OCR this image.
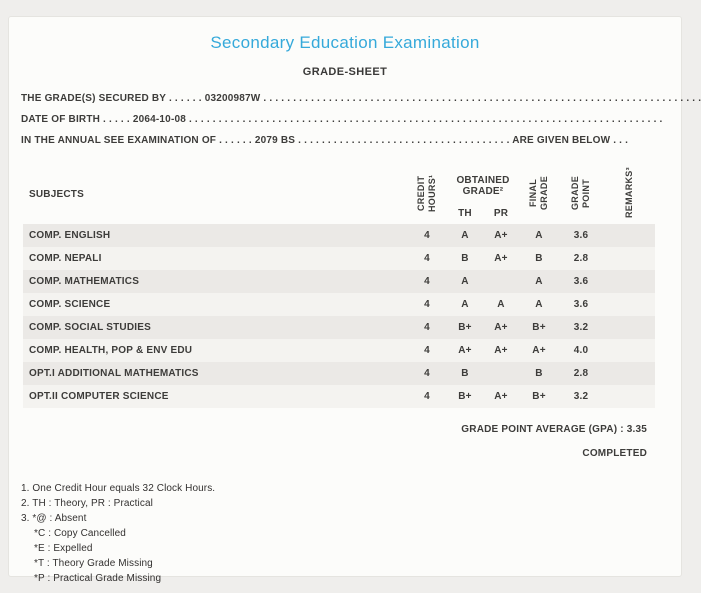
Secondary Education Examination
GRADE-SHEET
THE GRADE(S) SECURED BY . . . . . . 03200987W . . . . . . . . . . . . . . . . . . . . . . . . . . . . . . . . . . . . . . . . . . . . . . . . . . . . . . . . . . . . . . . . . . . . . . . . . .
DATE OF BIRTH . . . . . 2064-10-08 . . . . . . . . . . . . . . . . . . . . . . . . . . . . . . . . . . . . . . . . . . . . . . . . . . . . . . . . . . . . . . . . . . . . . . . . . . . . . . . .
IN THE ANNUAL SEE EXAMINATION OF . . . . . . 2079 BS . . . . . . . . . . . . . . . . . . . . . . . . . . . . . . . . . . . . ARE GIVEN BELOW . . .
SUBJECTS	CREDIT HOURS¹	OBTAINED GRADE²		FINAL GRADE	GRADE POINT	REMARKS³

		TH	PR			
COMP. ENGLISH	4	A	A+	A	3.6	
COMP. NEPALI	4	B	A+	B	2.8	
COMP. MATHEMATICS	4	A		A	3.6	
COMP. SCIENCE	4	A	A	A	3.6	
COMP. SOCIAL STUDIES	4	B+	A+	B+	3.2	
COMP. HEALTH, POP & ENV EDU	4	A+	A+	A+	4.0	
OPT.I ADDITIONAL MATHEMATICS	4	B		B	2.8	
OPT.II COMPUTER SCIENCE	4	B+	A+	B+	3.2	
GRADE POINT AVERAGE (GPA) : 3.35
COMPLETED
1. One Credit Hour equals 32 Clock Hours.
2. TH : Theory, PR : Practical
3. *@ : Absent
*C : Copy Cancelled
*E : Expelled
*T : Theory Grade Missing
*P : Practical Grade Missing
